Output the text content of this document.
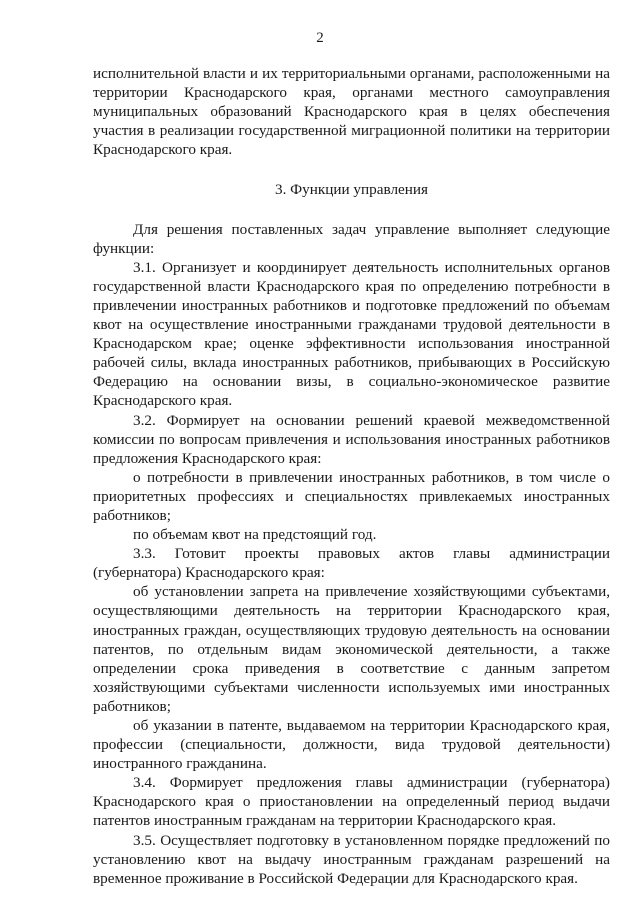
2

исполнительной власти и их территориальными органами, расположенными на территории Краснодарского края, органами местного самоуправления муниципальных образований Краснодарского края в целях обеспечения участия в реализации государственной миграционной политики на территории Краснодарского края.

3. Функции управления

Для решения поставленных задач управление выполняет следующие функции:

3.1. Организует и координирует деятельность исполнительных органов государственной власти Краснодарского края по определению потребности в привлечении иностранных работников и подготовке предложений по объемам квот на осуществление иностранными гражданами трудовой деятельности в Краснодарском крае; оценке эффективности использования иностранной рабочей силы, вклада иностранных работников, прибывающих в Российскую Федерацию на основании визы, в социально-экономическое развитие Краснодарского края.

3.2. Формирует на основании решений краевой межведомственной комиссии по вопросам привлечения и использования иностранных работников предложения Краснодарского края:

о потребности в привлечении иностранных работников, в том числе о приоритетных профессиях и специальностях привлекаемых иностранных работников;

по объемам квот на предстоящий год.

3.3. Готовит проекты правовых актов главы администрации (губернатора) Краснодарского края:

об установлении запрета на привлечение хозяйствующими субъектами, осуществляющими деятельность на территории Краснодарского края, иностранных граждан, осуществляющих трудовую деятельность на основании патентов, по отдельным видам экономической деятельности, а также определении срока приведения в соответствие с данным запретом хозяйствующими субъектами численности используемых ими иностранных работников;

об указании в патенте, выдаваемом на территории Краснодарского края, профессии (специальности, должности, вида трудовой деятельности) иностранного гражданина.

3.4. Формирует предложения главы администрации (губернатора) Краснодарского края о приостановлении на определенный период выдачи патентов иностранным гражданам на территории Краснодарского края.

3.5. Осуществляет подготовку в установленном порядке предложений по установлению квот на выдачу иностранным гражданам разрешений на временное проживание в Российской Федерации для Краснодарского края.
